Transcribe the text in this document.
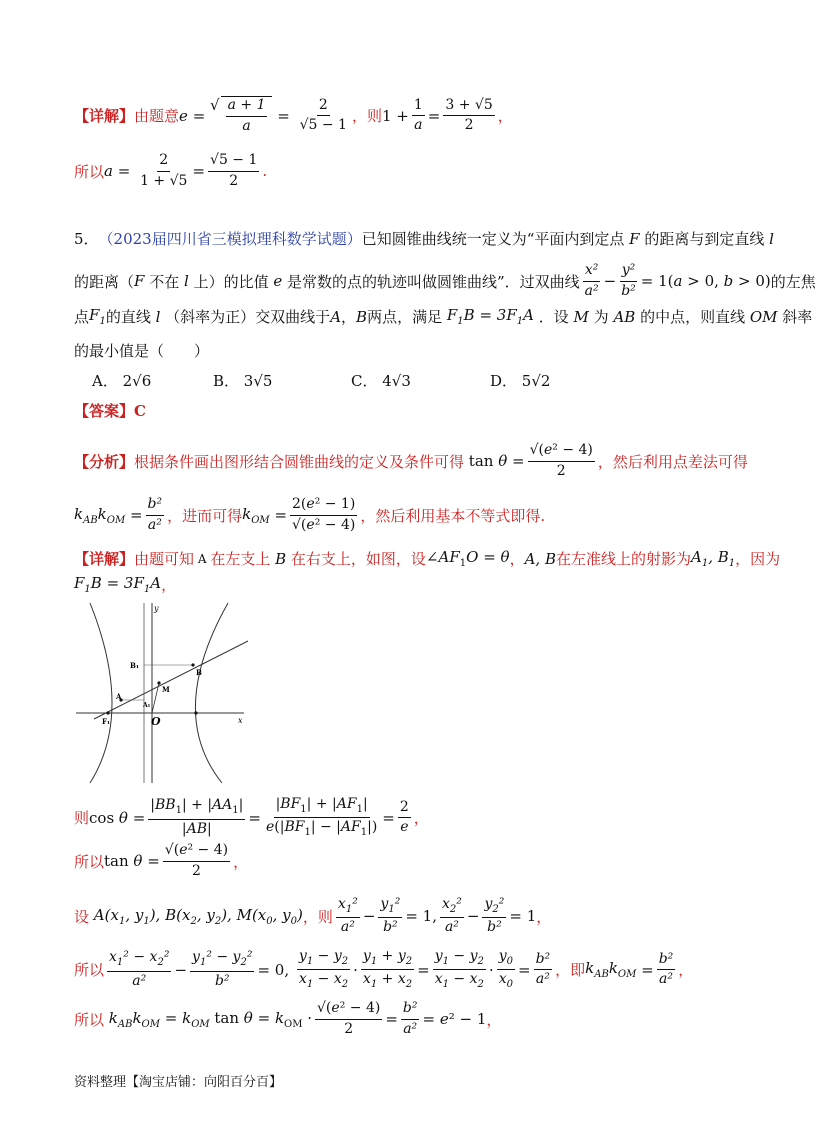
【详解】 由题意 e =
√ $\frac{a + 1}{a} = \frac{2}{√5 - 1}$ ，则 $1 + \frac{1}{a} = \frac{3 + √5}{2}$ ，
所以 $a = \frac{2}{1 + √5} = \frac{√5 - 1}{2}$ .
5． （2023届四川省三模拟理科数学试题） 已知圆锥曲线统一定义为“平面内到定点 F 的距离与到定直线 l
的距离（ F 不在 l 上）的比值 e 是常数的点的轨迹叫做圆锥曲线”．过双曲线 $\frac{\text{x²}}{\text{a²}} - \frac{\text{y²}}{\text{b²}} = 1(a > 0$, b > 0) 的左焦
点 $F_1$ 的直线 l （斜率为正）交双曲线于 A ， B 两点，满足 $F_1B = 3F_1A$ ．设 M 为 AB 的中点，则直线 OM 斜率
的最小值是（　　）
A． 2√6	B． 3√5	C． 4√3	D． 5√2
【答案】 C
【分析】 根据条件画出图形结合圆锥曲线的定义及条件可得 $\tan \theta = \frac{\text{√(e² − 4)}}{2}$ ，然后利用点差法可得
$k_{AB}k_{OM} = \frac{\text{b²}}{\text{a²}}$ ，进而可得 $k_{OM} = \frac{\text{2(e² − 1)}}{\text{√(e² − 4)}}$ ，然后利用基本不等式即得.
【详解】 由题可知 A 在左支上 B 在右支上，如图，设 $\angle AF_1O = \theta$ ， A, B 在左准线上的射影为 $A_1$, $B_1$ ，因为
$F_1B = 3F_1A$ ，
y
x
B₁
B
M
A
A₁
F₁	O
则 $\cos \theta = \frac{|BB_1| + |AA_1|}{|AB|} = \frac{|BF_1| + |AF_1|}{e(|BF_1| - |AF_1|)} = \frac{2}{e}$ ，
所以 $\tan \theta = \frac{\text{√(e² − 4)}}{2}$ ，
设 $A(x_1$, $y_1$), $B(x_2$, $y_2$), $M(x_0$, $y_0$) ，则 $\frac{x_1^2}{\text{a²}} - \frac{y_1^2}{\text{b²}} = 1$, $\frac{x_2^2}{\text{a²}} - \frac{y_2^2}{\text{b²}} = 1$ ，
所以 $\frac{x_1^2 - x_2^2}{\text{a²}} - \frac{y_1^2 - y_2^2}{\text{b²}} = 0$, $\frac{y_1 - y_2}{x_1 - x_2} \cdot \frac{y_1 + y_2}{x_1 + x_2} = \frac{y_1 - y_2}{x_1 - x_2} \cdot \frac{y_0}{x_0} = \frac{\text{b²}}{\text{a²}}$ ，即 $k_{AB}k_{OM} = \frac{\text{b²}}{\text{a²}}$ ，
所以 $k_{AB}k_{OM} = k_{OM}$ $\tan \theta = k_{OM} \cdot \frac{\text{√(e² − 4)}}{2} = \frac{\text{b²}}{\text{a²}} = e^2 - 1$ ，
资料整理【淘宝店铺：向阳百分百】
